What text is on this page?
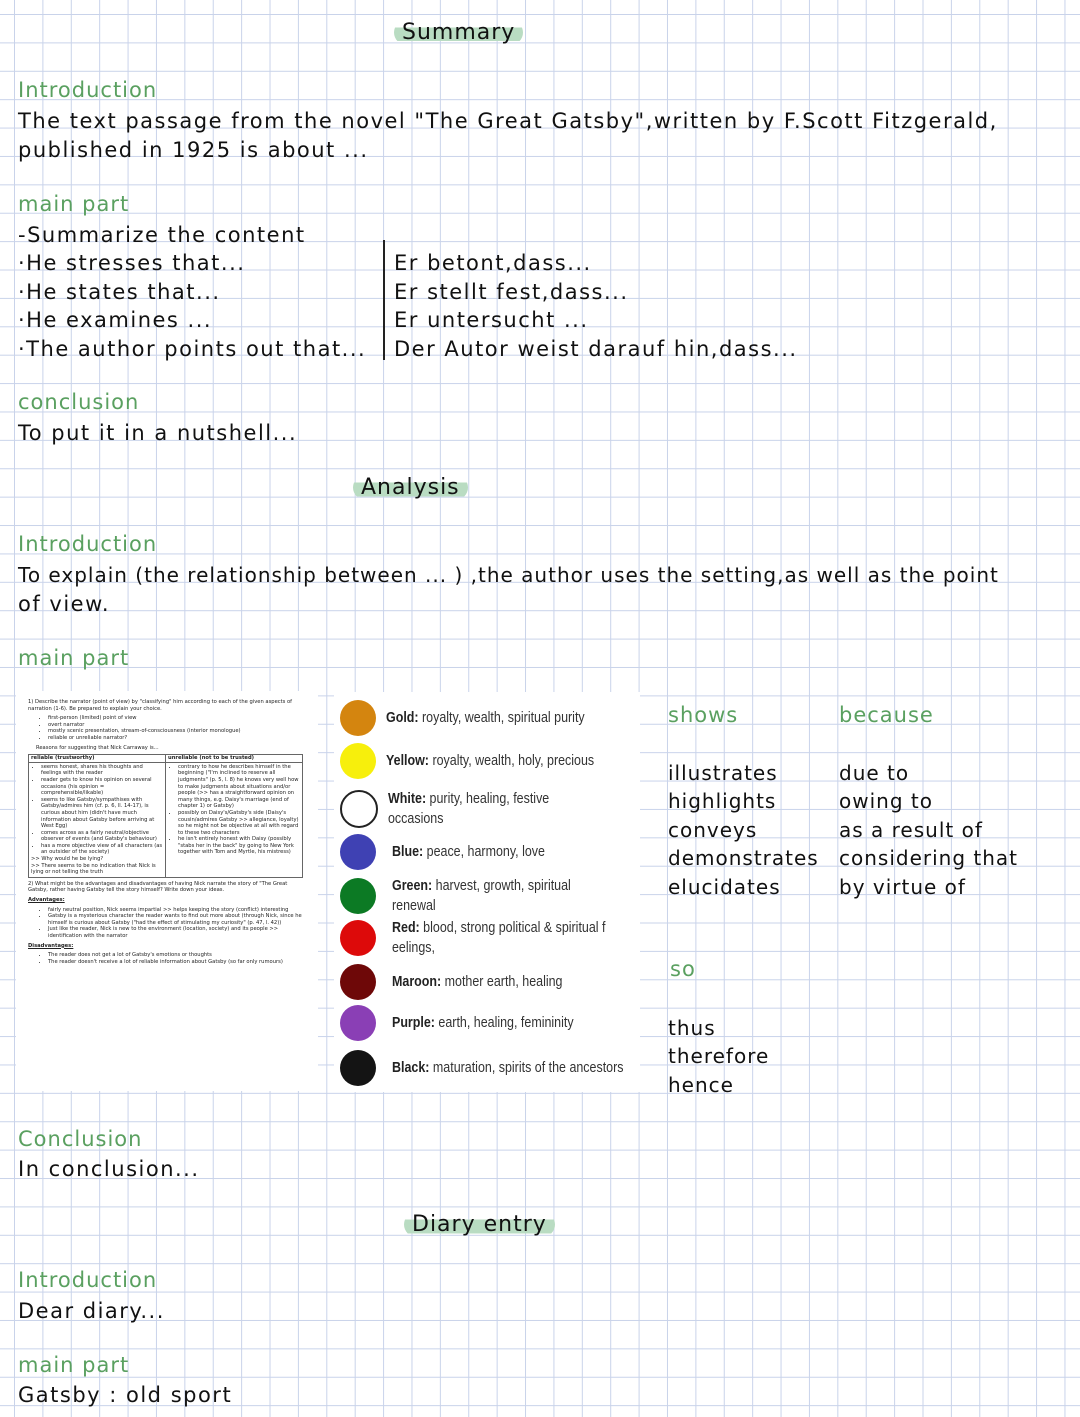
Summary
Introduction
The text passage from the novel "The Great Gatsby",written by F.Scott Fitzgerald,
published in 1925 is about ...
main part
-Summarize the content
·He stresses that...
·He states that...
·He examines ...
·The author points out that...
Er betont,dass...
Er stellt fest,dass...
Er untersucht ...
Der Autor weist darauf hin,dass...
conclusion
To put it in a nutshell...
Analysis
Introduction
To explain (the relationship between ... ) ,the author uses the setting,as well as the point
of view.
main part

1) Describe the narrator (point of view) by "classifying" him according to each of the given aspects of narration (1-6). Be prepared to explain your choice.

• first-person (limited) point of view
• overt narrator
• mostly scenic presentation, stream-of-consciousness (interior monologue)
• reliable or unreliable narrator?

Reasons for suggesting that Nick Carraway is...

reliable (trustworthy)
• seems honest, shares his thoughts and feelings with the reader
• reader gets to know his opinion on several occasions (his opinion = comprehensible/likable)
• seems to like Gatsby/sympathises with Gatsby/admires him (cf. p. 6, ll. 14-17), is curious about him (didn't have much information about Gatsby before arriving at West Egg)
• comes across as a fairly neutral/objective observer of events (and Gatsby's behaviour)
• has a more objective view of all characters (as an outsider of the society)
>> Why would he be lying?
>> There seems to be no indication that Nick is lying or not telling the truth
unreliable (not to be trusted)
• contrary to how he describes himself in the beginning ("I'm inclined to reserve all judgments" (p. 5, l. 8) he knows very well how to make judgments about situations and/or people (>> has a straightforward opinion on many things, e.g. Daisy's marriage (end of chapter 1) or Gatsby)
• possibly on Daisy's/Gatsby's side (Daisy's cousin/admires Gatsby >> allegiance, loyalty) so he might not be objective at all with regard to these two characters
• he isn't entirely honest with Daisy (possibly "stabs her in the back" by going to New York together with Tom and Myrtle, his mistress)

2) What might be the advantages and disadvantages of having Nick narrate the story of "The Great Gatsby, rather having Gatsby tell the story himself? Write down your ideas.

Advantages:

• fairly neutral position, Nick seems impartial >> helps keeping the story (conflict) interesting
• Gatsby is a mysterious character the reader wants to find out more about (through Nick, since he himself is curious about Gatsby ("had the effect of stimulating my curiosity" (p. 47, l. 42))
• Just like the reader, Nick is new to the environment (location, society) and its people >> identification with the narrator

Disadvantages:

• The reader does not get a lot of Gatsby's emotions or thoughts
• The reader doesn't receive a lot of reliable information about Gatsby (so far only rumours)
Gold: royalty, wealth, spiritual purity
Yellow: royalty, wealth, holy, precious
White: purity, healing, festive occasions
Blue: peace, harmony, love
Green: harvest, growth, spiritual renewal
Red: blood, strong political & spiritual f eelings,
Maroon: mother earth, healing
Purple: earth, healing, femininity
Black: maturation, spirits of the ancestors
shows
illustrates
highlights
conveys
demonstrates
elucidates
because
due to
owing to
as a result of
considering that
by virtue of
so
thus
therefore
hence
Conclusion
In conclusion...
Diary entry
Introduction
Dear diary...
main part
Gatsby : old sport
